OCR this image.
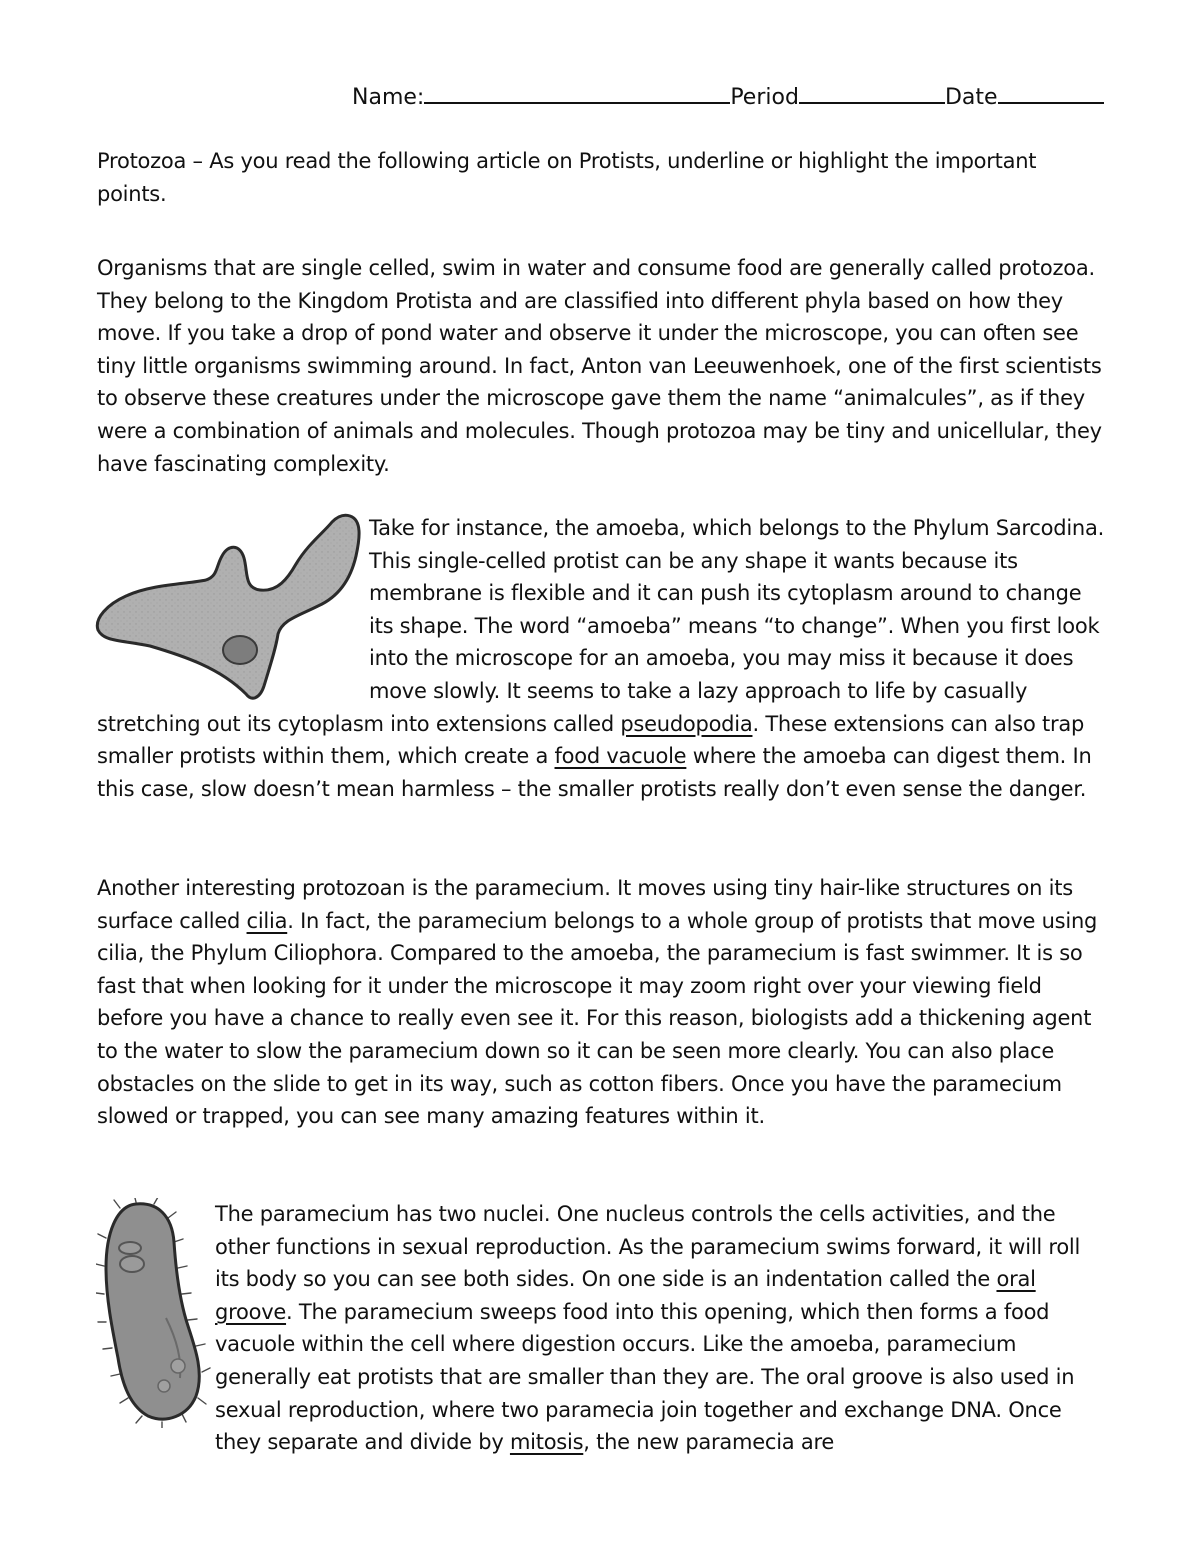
Name:	Period	Date

Protozoa – As you read the following article on Protists, underline or highlight the important points.

Organisms that are single celled, swim in water and consume food are generally called protozoa. They belong to the Kingdom Protista and are classified into different phyla based on how they move. If you take a drop of pond water and observe it under the microscope, you can often see tiny little organisms swimming around. In fact, Anton van Leeuwenhoek, one of the first scientists to observe these creatures under the microscope gave them the name “animalcules”, as if they were a combination of animals and molecules. Though protozoa may be tiny and unicellular, they have fascinating complexity.

Take for instance, the amoeba, which belongs to the Phylum Sarcodina. This single-celled protist can be any shape it wants because its membrane is flexible and it can push its cytoplasm around to change its shape. The word “amoeba” means “to change”. When you first look into the microscope for an amoeba, you may miss it because it does move slowly. It seems to take a lazy approach to life by casually stretching out its cytoplasm into extensions called pseudopodia. These extensions can also trap smaller protists within them, which create a food vacuole where the amoeba can digest them. In this case, slow doesn’t mean harmless – the smaller protists really don’t even sense the danger.

Another interesting protozoan is the paramecium. It moves using tiny hair-like structures on its surface called cilia. In fact, the paramecium belongs to a whole group of protists that move using cilia, the Phylum Ciliophora. Compared to the amoeba, the paramecium is fast swimmer. It is so fast that when looking for it under the microscope it may zoom right over your viewing field before you have a chance to really even see it. For this reason, biologists add a thickening agent to the water to slow the paramecium down so it can be seen more clearly. You can also place obstacles on the slide to get in its way, such as cotton fibers. Once you have the paramecium slowed or trapped, you can see many amazing features within it.

The paramecium has two nuclei. One nucleus controls the cells activities, and the other functions in sexual reproduction. As the paramecium swims forward, it will roll its body so you can see both sides. On one side is an indentation called the oral groove. The paramecium sweeps food into this opening, which then forms a food vacuole within the cell where digestion occurs. Like the amoeba, paramecium generally eat protists that are smaller than they are. The oral groove is also used in sexual reproduction, where two paramecia join together and exchange DNA. Once they separate and divide by mitosis, the new paramecia are
